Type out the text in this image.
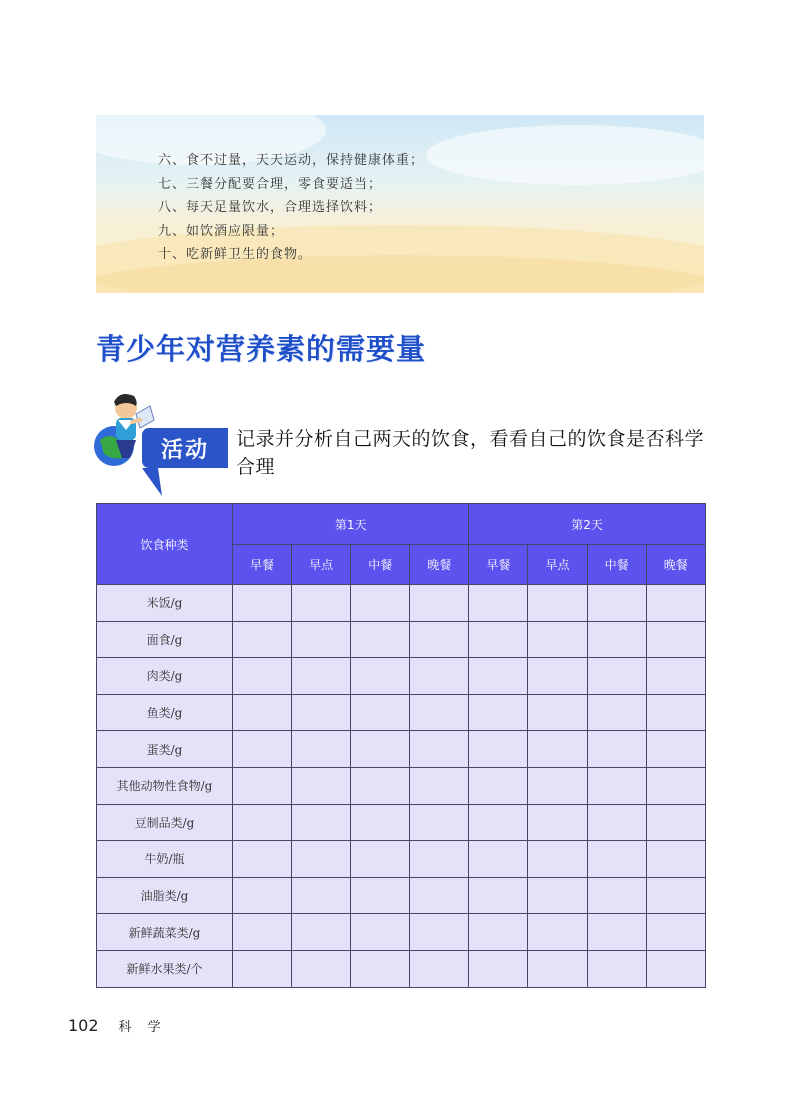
六、食不过量，天天运动，保持健康体重；
七、三餐分配要合理，零食要适当；
八、每天足量饮水，合理选择饮料；
九、如饮酒应限量；
十、吃新鲜卫生的食物。
青少年对营养素的需要量
活动	记录并分析自己两天的饮食，看看自己的饮食是否科学合理
饮食种类	第1天				第2天			
	早餐	早点	中餐	晚餐	早餐	早点	中餐	晚餐
米饭/g								
面食/g								
肉类/g								
鱼类/g								
蛋类/g								
其他动物性食物/g								
豆制品类/g								
牛奶/瓶								
油脂类/g								
新鲜蔬菜类/g								
新鲜水果类/个								
102 科 学
